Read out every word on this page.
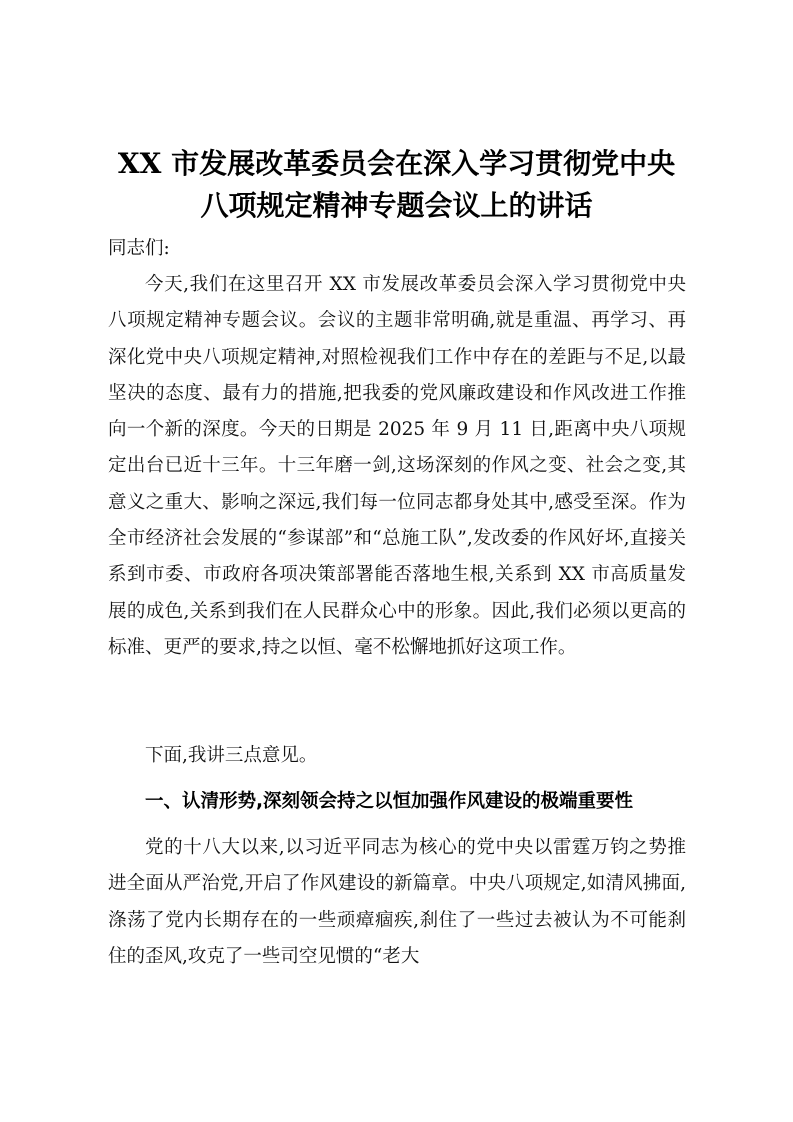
XX 市发展改革委员会在深入学习贯彻党中央
八项规定精神专题会议上的讲话

同志们:

今天,我们在这里召开 XX 市发展改革委员会深入学习贯彻党中央八项规定精神专题会议。会议的主题非常明确,就是重温、再学习、再深化党中央八项规定精神,对照检视我们工作中存在的差距与不足,以最坚决的态度、最有力的措施,把我委的党风廉政建设和作风改进工作推向一个新的深度。今天的日期是 2025 年 9 月 11 日,距离中央八项规定出台已近十三年。十三年磨一剑,这场深刻的作风之变、社会之变,其意义之重大、影响之深远,我们每一位同志都身处其中,感受至深。作为全市经济社会发展的“参谋部”和“总施工队”,发改委的作风好坏,直接关系到市委、市政府各项决策部署能否落地生根,关系到 XX 市高质量发展的成色,关系到我们在人民群众心中的形象。因此,我们必须以更高的标准、更严的要求,持之以恒、毫不松懈地抓好这项工作。

下面,我讲三点意见。

一、认清形势,深刻领会持之以恒加强作风建设的极端重要性

党的十八大以来,以习近平同志为核心的党中央以雷霆万钧之势推进全面从严治党,开启了作风建设的新篇章。中央八项规定,如清风拂面,涤荡了党内长期存在的一些顽瘴痼疾,刹住了一些过去被认为不可能刹住的歪风,攻克了一些司空见惯的“老大
